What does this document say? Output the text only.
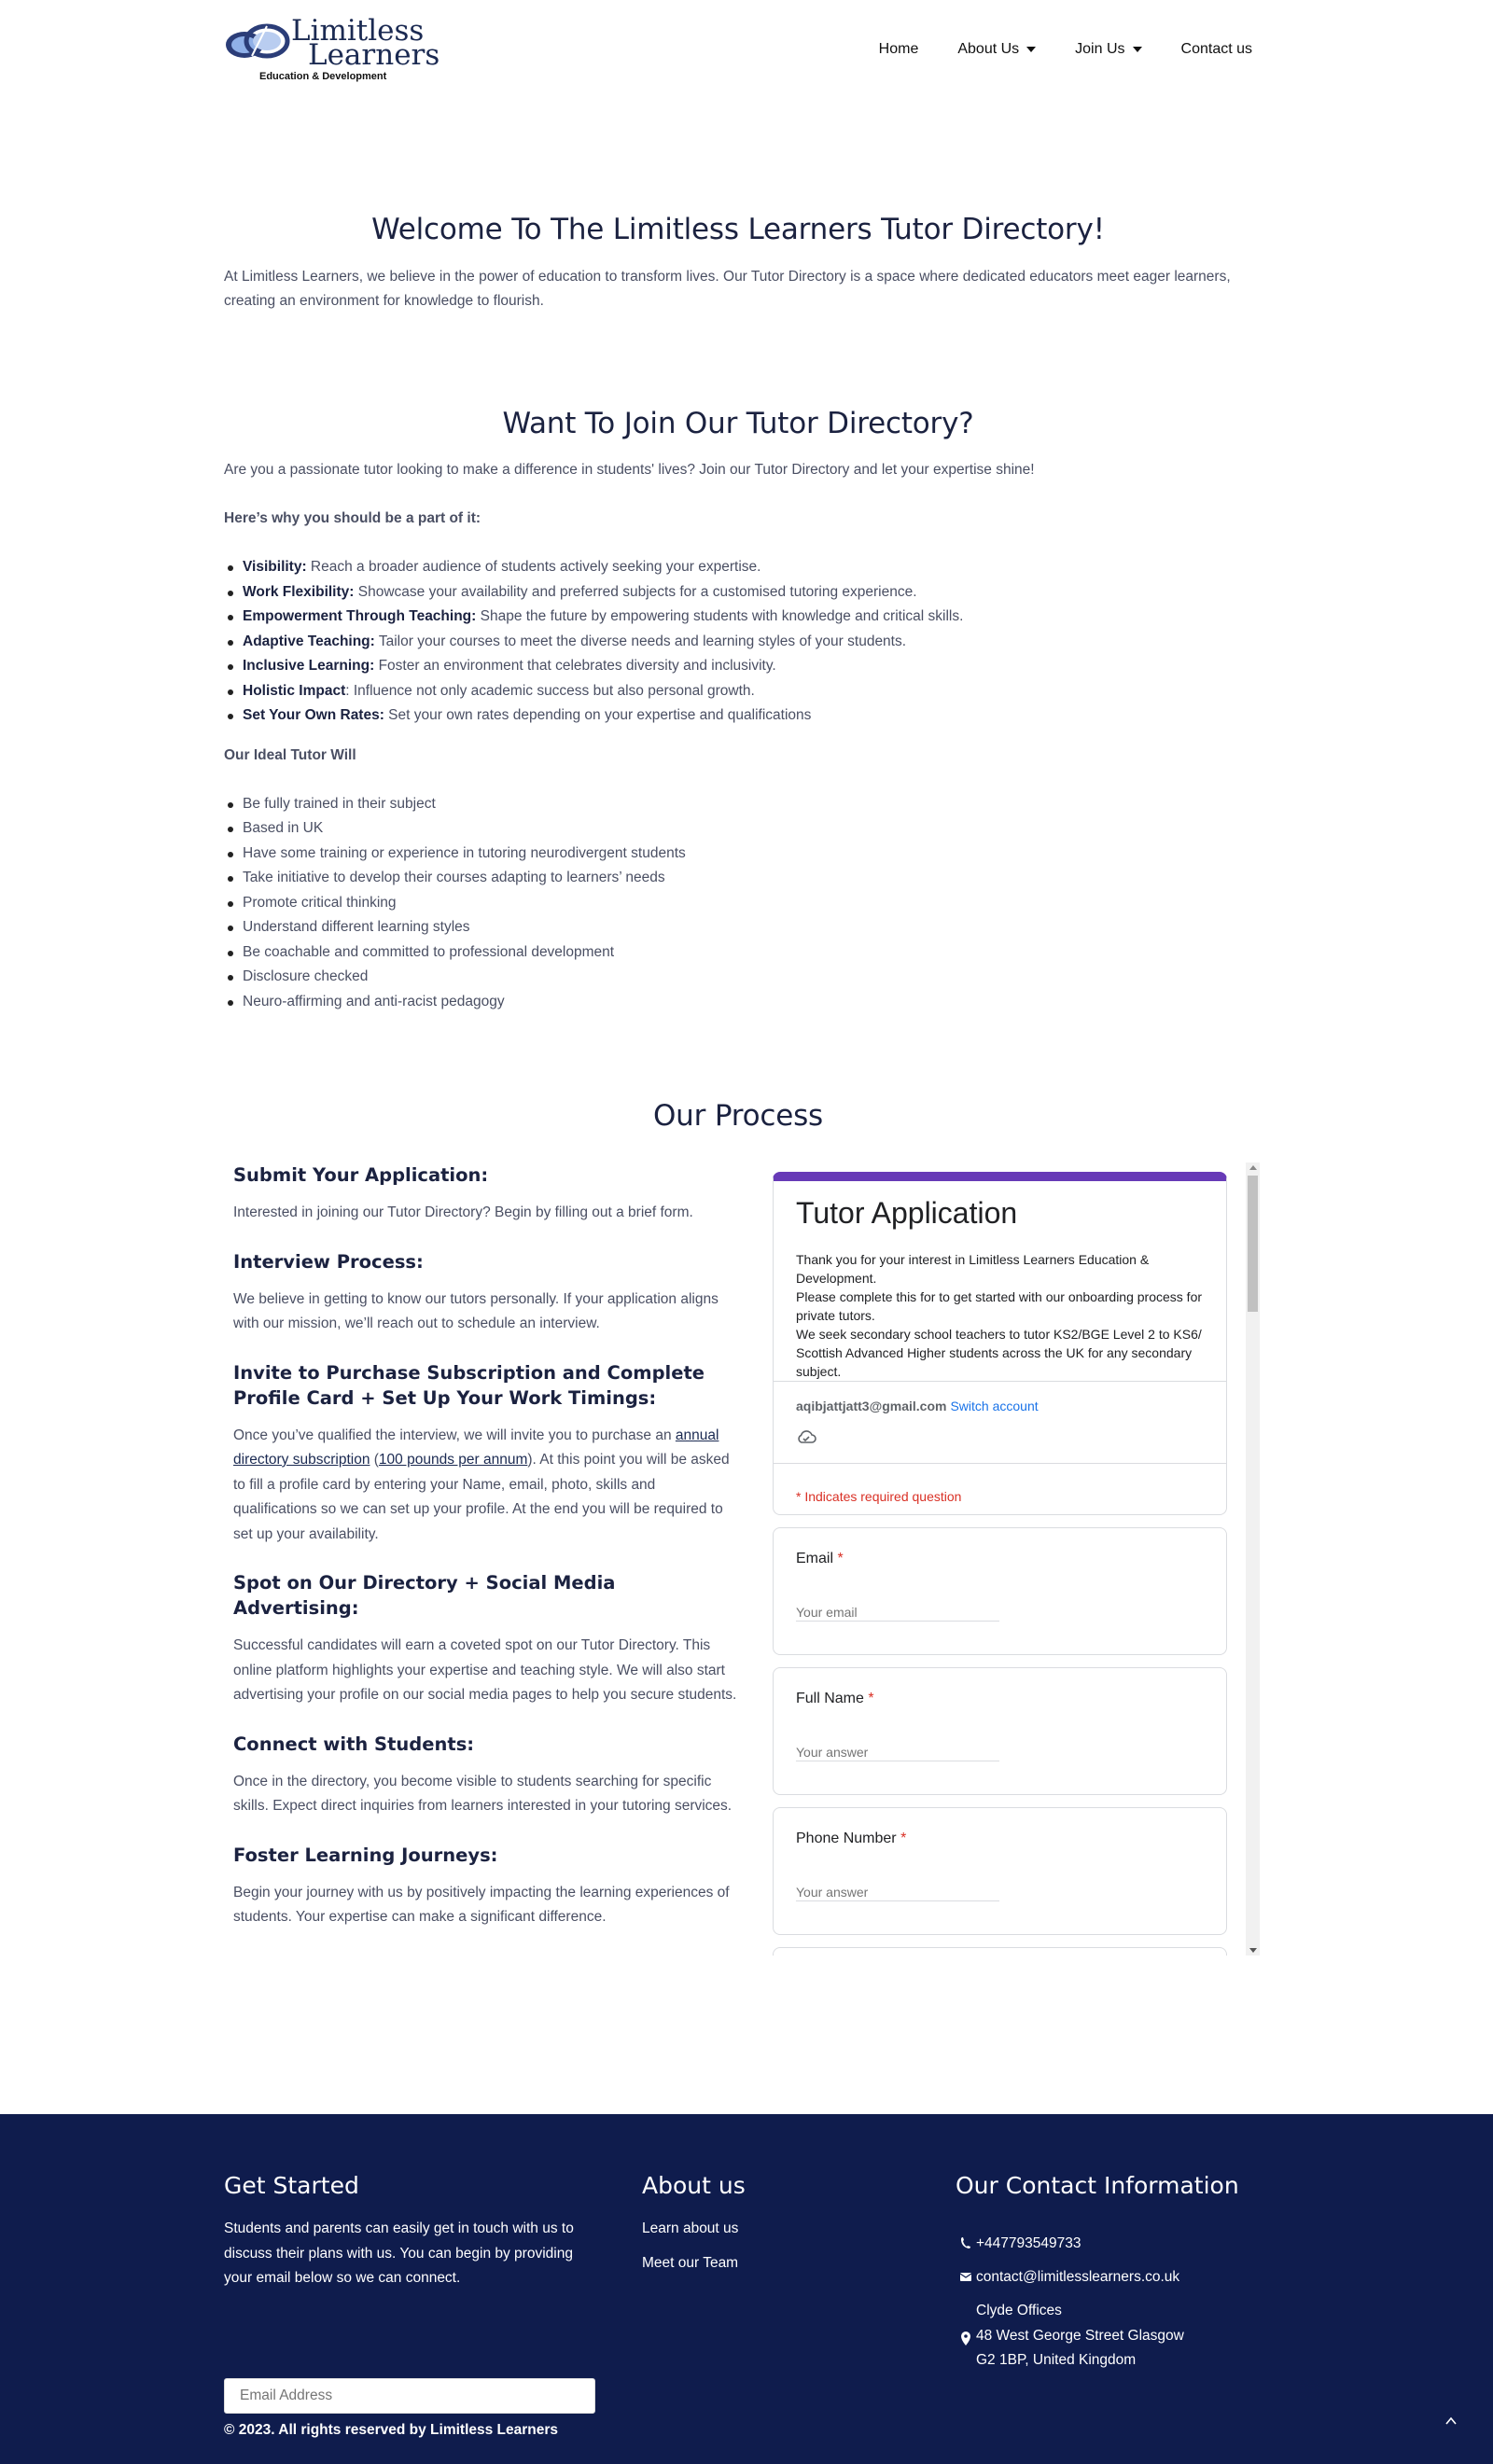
Limitless
Learners
Education & Development
Home	About Us	Join Us	Contact us
Welcome To The Limitless Learners Tutor Directory!

At Limitless Learners, we believe in the power of education to transform lives. Our Tutor Directory is a space where dedicated educators meet eager learners, creating an environment for knowledge to flourish.

Want To Join Our Tutor Directory?

Are you a passionate tutor looking to make a difference in students' lives? Join our Tutor Directory and let your expertise shine!

Here’s why you should be a part of it:

Visibility: Reach a broader audience of students actively seeking your expertise.
Work Flexibility: Showcase your availability and preferred subjects for a customised tutoring experience.
Empowerment Through Teaching: Shape the future by empowering students with knowledge and critical skills.
Adaptive Teaching: Tailor your courses to meet the diverse needs and learning styles of your students.
Inclusive Learning: Foster an environment that celebrates diversity and inclusivity.
Holistic Impact: Influence not only academic success but also personal growth.
Set Your Own Rates: Set your own rates depending on your expertise and qualifications

Our Ideal Tutor Will

Be fully trained in their subject
Based in UK
Have some training or experience in tutoring neurodivergent students
Take initiative to develop their courses adapting to learners’ needs
Promote critical thinking
Understand different learning styles
Be coachable and committed to professional development
Disclosure checked
Neuro-affirming and anti-racist pedagogy
Our Process
Submit Your Application:

Interested in joining our Tutor Directory? Begin by filling out a brief form.

Interview Process:

We believe in getting to know our tutors personally. If your application aligns with our mission, we’ll reach out to schedule an interview.

Invite to Purchase Subscription and Complete Profile Card + Set Up Your Work Timings:

Once you’ve qualified the interview, we will invite you to purchase an annual directory subscription (100 pounds per annum). At this point you will be asked to fill a profile card by entering your Name, email, photo, skills and qualifications so we can set up your profile. At the end you will be required to set up your availability.

Spot on Our Directory + Social Media Advertising:

Successful candidates will earn a coveted spot on our Tutor Directory. This online platform highlights your expertise and teaching style. We will also start advertising your profile on our social media pages to help you secure students.

Connect with Students:

Once in the directory, you become visible to students searching for specific skills. Expect direct inquiries from learners interested in your tutoring services.

Foster Learning Journeys:

Begin your journey with us by positively impacting the learning experiences of students. Your expertise can make a significant difference.

Tutor Application
Thank you for your interest in Limitless Learners Education & Development.
Please complete this for to get started with our onboarding process for private tutors.
We seek secondary school teachers to tutor KS2/BGE Level 2 to KS6/ Scottish Advanced Higher students across the UK for any secondary subject.
aqibjattjatt3@gmail.com Switch account
* Indicates required question
Email *
Your email
Full Name *
Your answer
Phone Number *
Your answer
Get Started

Students and parents can easily get in touch with us to discuss their plans with us. You can begin by providing your email below so we can connect.

Email Address
About us
Learn about us
Meet our Team
Our Contact Information
+447793549733
contact@limitlesslearners.co.uk
Clyde Offices
48 West George Street Glasgow
G2 1BP, United Kingdom
© 2023. All rights reserved by Limitless Learners
